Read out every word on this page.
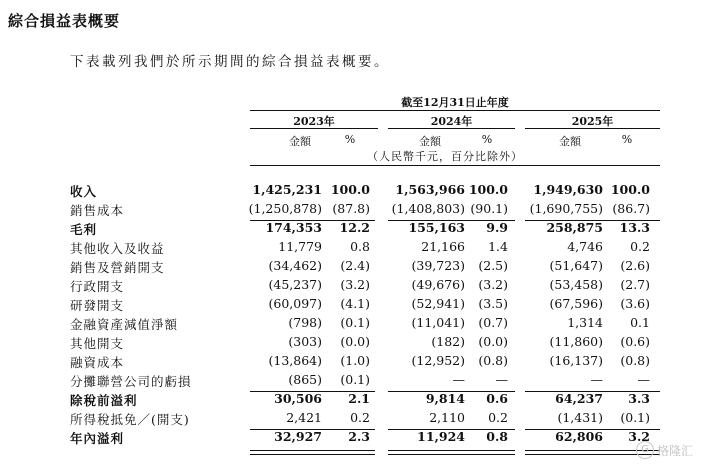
綜合損益表概要
下表載列我們於所示期間的綜合損益表概要。
截至12月31日止年度
2023年	2024年	2025年
金額	%	金額	%	金額	%
（人民幣千元，百分比除外）
收入	1,425,231 100.0 1,563,966 100.0 1,949,630 100.0
銷售成本	(1,250,878) (87.8) (1,408,803) (90.1) (1,690,755) (86.7)
毛利	174,353 12.2	155,163 9.9	258,875 13.3
其他收入及收益	11,779 0.8	21,166 1.4	4,746 0.2
銷售及營銷開支	(34,462) (2.4)	(39,723) (2.5)	(51,647) (2.6)
行政開支	(45,237) (3.2)	(49,676) (3.2)	(53,458) (2.7)
研發開支	(60,097) (4.1)	(52,941) (3.5)	(67,596) (3.6)
金融資產減值淨額	(798) (0.1)	(11,041) (0.7)	1,314 0.1
其他開支	(303) (0.0)	(182) (0.0)	(11,860) (0.6)
融資成本	(13,864) (1.0)	(12,952) (0.8)	(16,137) (0.8)
分攤聯營公司的虧損	(865) (0.1)	— —	—	—
除稅前溢利	30,506 2.1	9,814 0.6	64,237 3.3
所得稅抵免／(開支)	2,421 0.2	2,110 0.2	(1,431) (0.1)
年內溢利	32,927 2.3	11,924 0.8	62,806 3.2
G 格隆汇
